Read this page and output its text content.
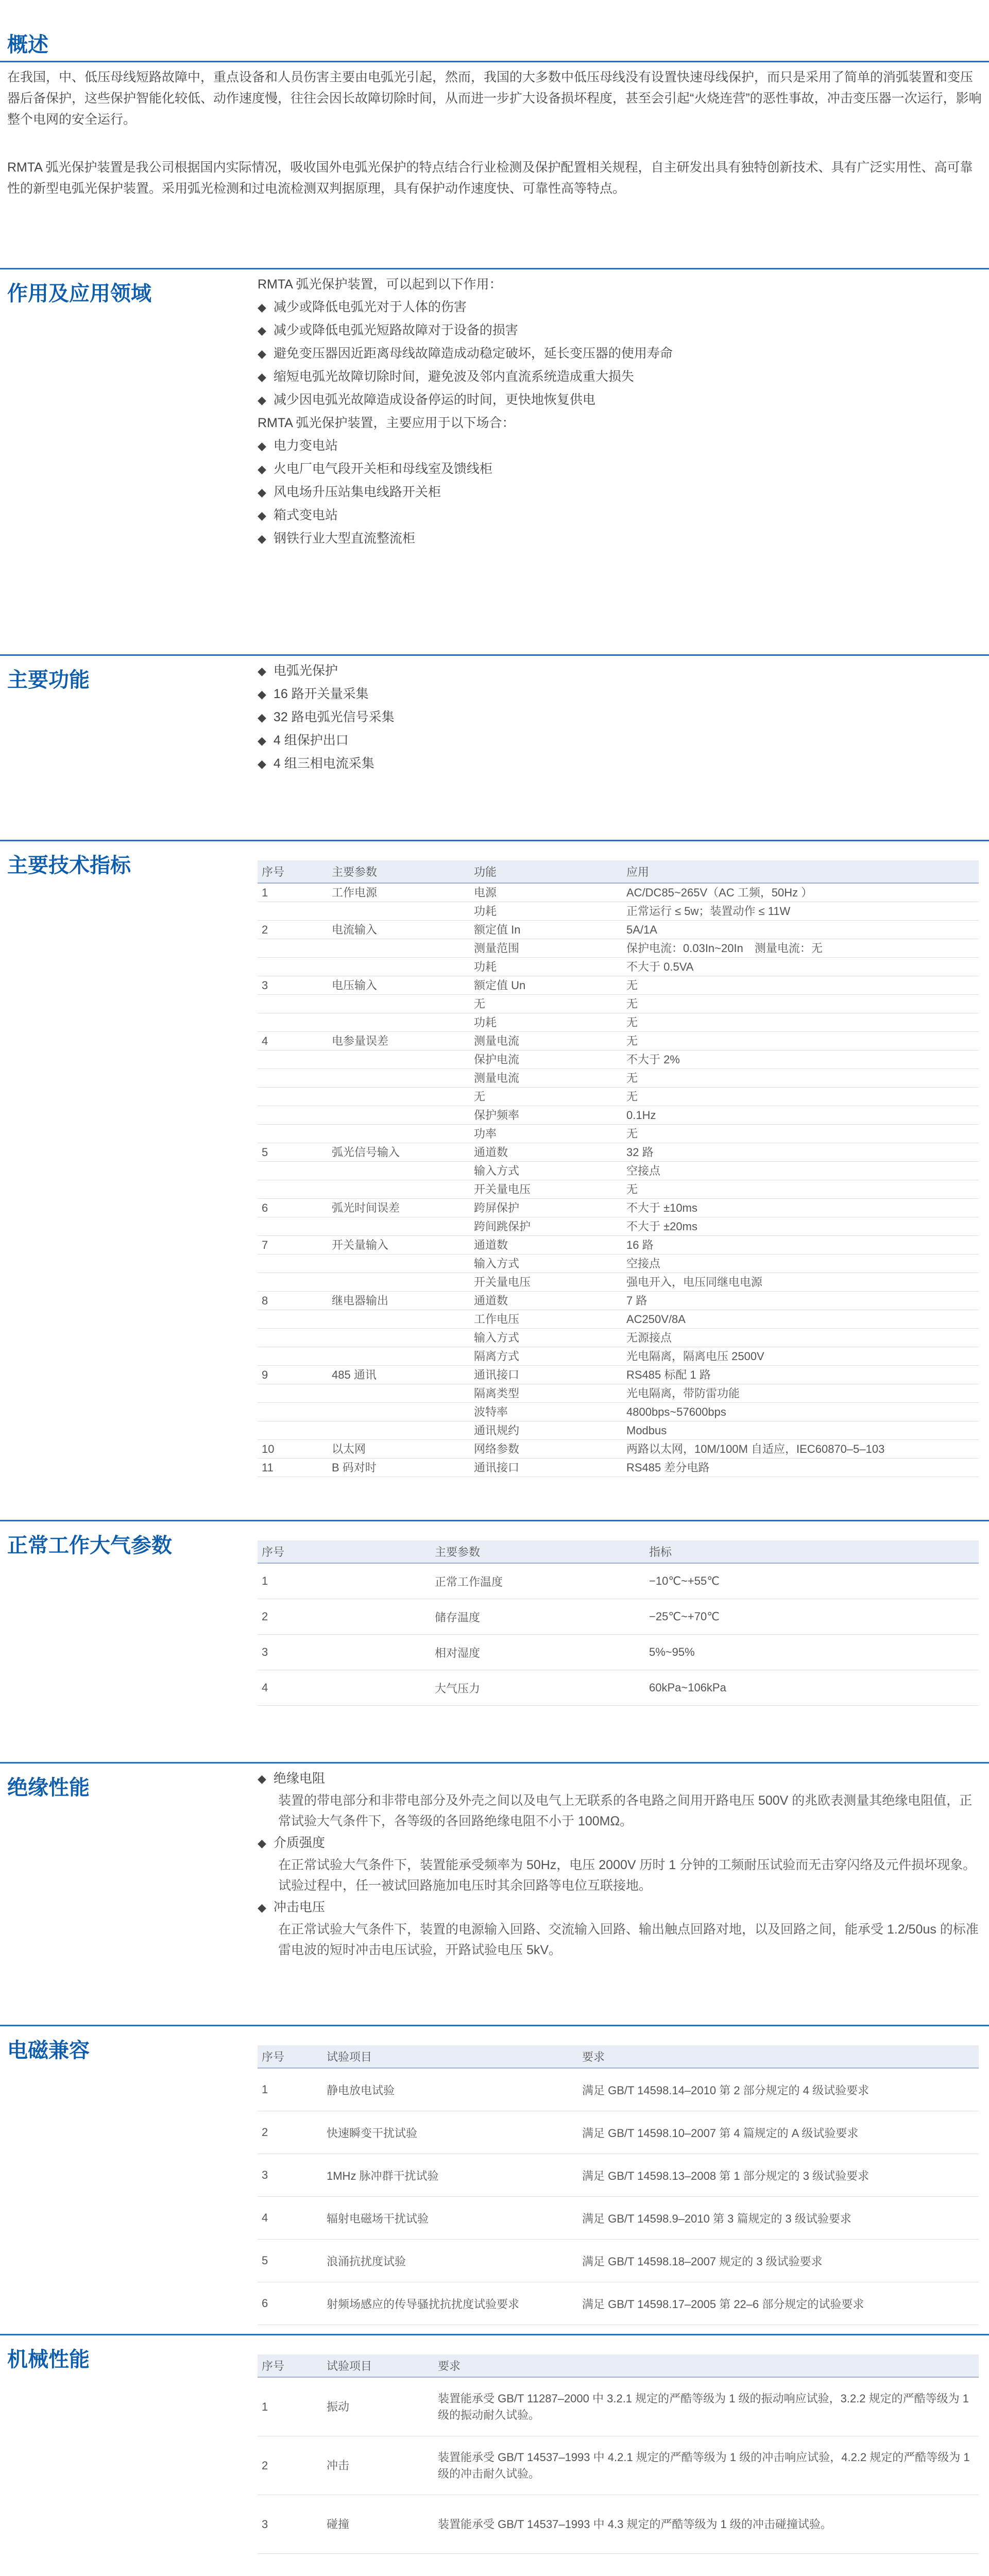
概述
在我国，中、低压母线短路故障中，重点设备和人员伤害主要由电弧光引起，然而，我国的大多数中低压母线没有设置快速母线保护，而只是采用了简单的消弧装置和变压器后备保护，这些保护智能化较低、动作速度慢，往往会因长故障切除时间，从而进一步扩大设备损坏程度，甚至会引起“火烧连营”的恶性事故，冲击变压器一次运行，影响整个电网的安全运行。
RMTA 弧光保护装置是我公司根据国内实际情况，吸收国外电弧光保护的特点结合行业检测及保护配置相关规程，自主研发出具有独特创新技术、具有广泛实用性、高可靠性的新型电弧光保护装置。采用弧光检测和过电流检测双判据原理，具有保护动作速度快、可靠性高等特点。
作用及应用领域	RMTA 弧光保护装置，可以起到以下作用：
◆ 减少或降低电弧光对于人体的伤害
◆ 减少或降低电弧光短路故障对于设备的损害
◆ 避免变压器因近距离母线故障造成动稳定破坏，延长变压器的使用寿命
◆ 缩短电弧光故障切除时间，避免波及邻内直流系统造成重大损失
◆ 减少因电弧光故障造成设备停运的时间，更快地恢复供电
RMTA 弧光保护装置，主要应用于以下场合：
◆ 电力变电站
◆ 火电厂电气段开关柜和母线室及馈线柜
◆ 风电场升压站集电线路开关柜
◆ 箱式变电站
◆ 钢铁行业大型直流整流柜
主要功能	◆ 电弧光保护
◆ 16 路开关量采集
◆ 32 路电弧光信号采集
◆ 4 组保护出口
◆ 4 组三相电流采集
主要技术指标	序号	主要参数	功能	应用
1	工作电源	电源	AC/DC85~265V（AC 工频，50Hz ）
		功耗	正常运行 ≤ 5w；装置动作 ≤ 11W
2	电流输入	额定值 In	5A/1A
		测量范围	保护电流：0.03In~20In　测量电流：无
		功耗	不大于 0.5VA
3	电压输入	额定值 Un	无
		无	无
		功耗	无
4	电参量误差	测量电流	无
		保护电流	不大于 2%
		测量电流	无
		无	无
		保护频率	0.1Hz
		功率	无
5	弧光信号输入	通道数	32 路
		输入方式	空接点
		开关量电压	无
6	弧光时间误差	跨屏保护	不大于 ±10ms
		跨间跳保护	不大于 ±20ms
7	开关量输入	通道数	16 路
		输入方式	空接点
		开关量电压	强电开入，电压同继电电源
8	继电器输出	通道数	7 路
		工作电压	AC250V/8A
		输入方式	无源接点
		隔离方式	光电隔离，隔离电压 2500V
9	485 通讯	通讯接口	RS485 标配 1 路
		隔离类型	光电隔离，带防雷功能
		波特率	4800bps~57600bps
		通讯规约	Modbus
10	以太网	网络参数	两路以太网，10M/100M 自适应，IEC60870–5–103
11	B 码对时	通讯接口	RS485 差分电路
正常工作大气参数	序号	主要参数	指标
1	正常工作温度	−10℃~+55℃
2	储存温度	−25℃~+70℃
3	相对湿度	5%~95%
4	大气压力	60kPa~106kPa
绝缘性能	◆ 绝缘电阻
装置的带电部分和非带电部分及外壳之间以及电气上无联系的各电路之间用开路电压 500V 的兆欧表测量其绝缘电阻值，正常试验大气条件下，各等级的各回路绝缘电阻不小于 100MΩ。
◆ 介质强度
在正常试验大气条件下，装置能承受频率为 50Hz，电压 2000V 历时 1 分钟的工频耐压试验而无击穿闪络及元件损坏现象。试验过程中，任一被试回路施加电压时其余回路等电位互联接地。
◆ 冲击电压
在正常试验大气条件下，装置的电源输入回路、交流输入回路、输出触点回路对地，以及回路之间，能承受 1.2/50us 的标准雷电波的短时冲击电压试验，开路试验电压 5kV。
电磁兼容	序号	试验项目	要求
1	静电放电试验	满足 GB/T 14598.14–2010 第 2 部分规定的 4 级试验要求
2	快速瞬变干扰试验	满足 GB/T 14598.10–2007 第 4 篇规定的 A 级试验要求
3	1MHz 脉冲群干扰试验	满足 GB/T 14598.13–2008 第 1 部分规定的 3 级试验要求
4	辐射电磁场干扰试验	满足 GB/T 14598.9–2010 第 3 篇规定的 3 级试验要求
5	浪涌抗扰度试验	满足 GB/T 14598.18–2007 规定的 3 级试验要求
6	射频场感应的传导骚扰抗扰度试验要求	满足 GB/T 14598.17–2005 第 22–6 部分规定的试验要求
机械性能	序号	试验项目	要求
1	振动	装置能承受 GB/T 11287–2000 中 3.2.1 规定的严酷等级为 1 级的振动响应试验，3.2.2 规定的严酷等级为 1 级的振动耐久试验。
2	冲击	装置能承受 GB/T 14537–1993 中 4.2.1 规定的严酷等级为 1 级的冲击响应试验，4.2.2 规定的严酷等级为 1 级的冲击耐久试验。
3	碰撞	装置能承受 GB/T 14537–1993 中 4.3 规定的严酷等级为 1 级的冲击碰撞试验。
